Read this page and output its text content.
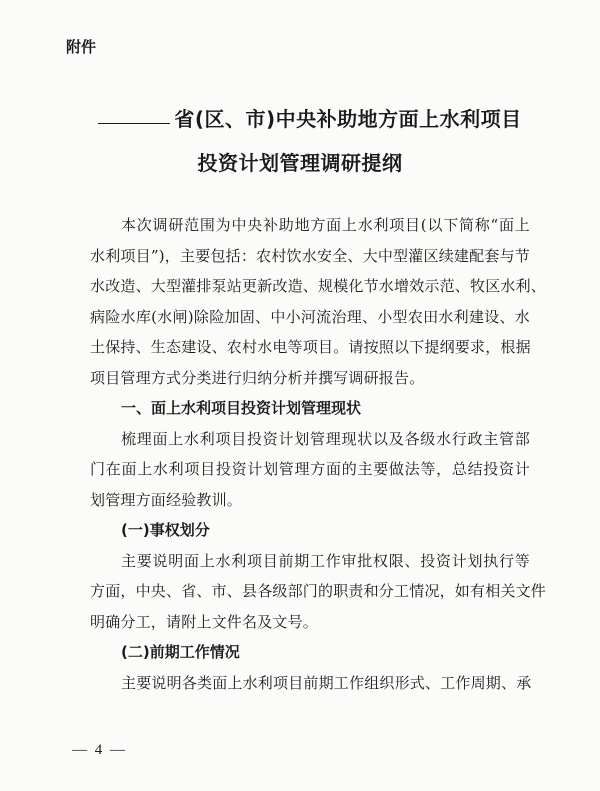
附件
省(区、市)中央补助地方面上水利项目
投资计划管理调研提纲
本次调研范围为中央补助地方面上水利项目(以下简称“面上
水利项目”)，主要包括：农村饮水安全、大中型灌区续建配套与节
水改造、大型灌排泵站更新改造、规模化节水增效示范、牧区水利、
病险水库(水闸)除险加固、中小河流治理、小型农田水利建设、水
土保持、生态建设、农村水电等项目。请按照以下提纲要求，根据
项目管理方式分类进行归纳分析并撰写调研报告。
一、面上水利项目投资计划管理现状
梳理面上水利项目投资计划管理现状以及各级水行政主管部
门在面上水利项目投资计划管理方面的主要做法等，总结投资计
划管理方面经验教训。
(一)事权划分
主要说明面上水利项目前期工作审批权限、投资计划执行等
方面，中央、省、市、县各级部门的职责和分工情况，如有相关文件
明确分工，请附上文件名及文号。
(二)前期工作情况
主要说明各类面上水利项目前期工作组织形式、工作周期、承
— 4 —
